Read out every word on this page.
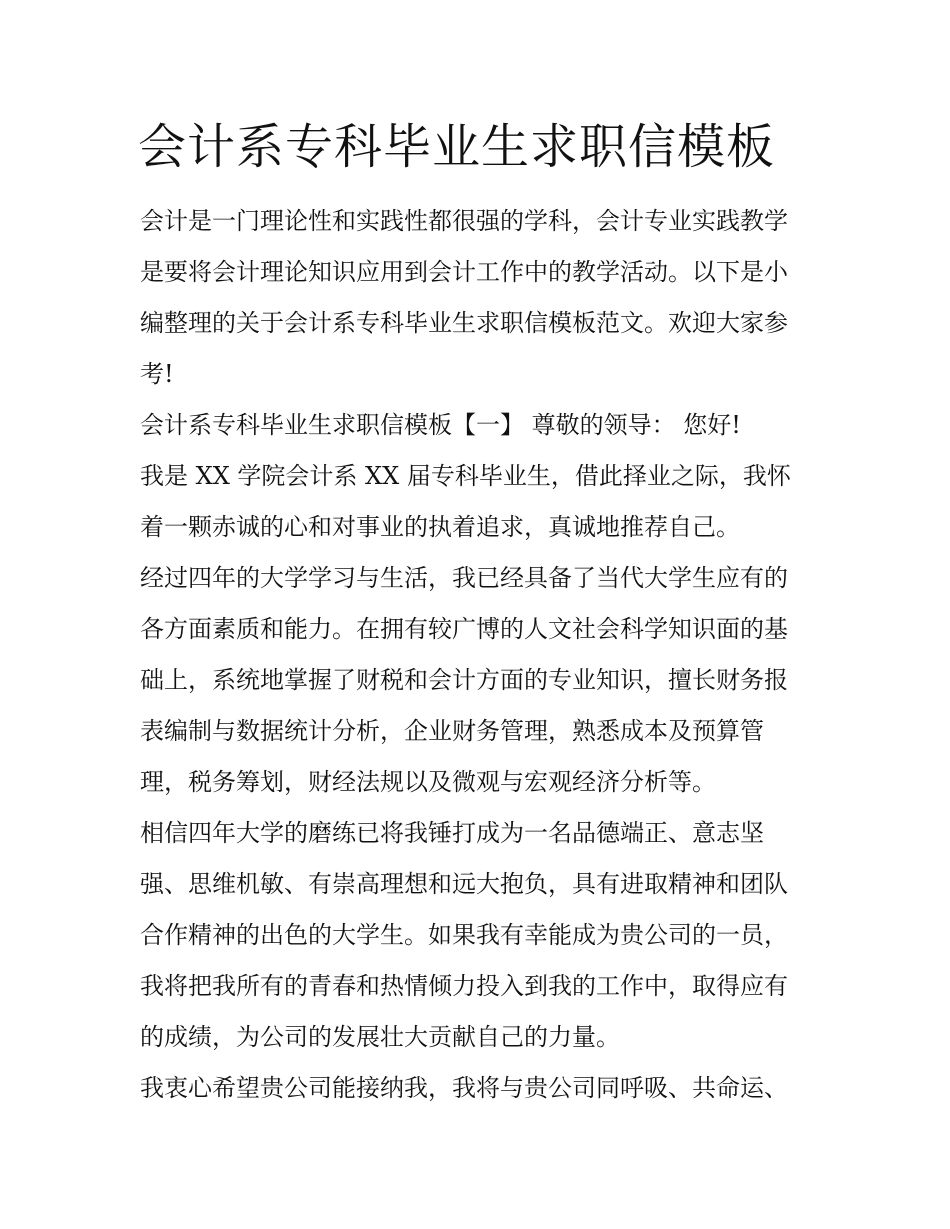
会计系专科毕业生求职信模板

会计是一门理论性和实践性都很强的学科，会计专业实践教学

是要将会计理论知识应用到会计工作中的教学活动。以下是小

编整理的关于会计系专科毕业生求职信模板范文。欢迎大家参

考!

会计系专科毕业生求职信模板【一】 尊敬的领导： 您好!

我是 XX 学院会计系 XX 届专科毕业生，借此择业之际，我怀

着一颗赤诚的心和对事业的执着追求，真诚地推荐自己。

经过四年的大学学习与生活，我已经具备了当代大学生应有的

各方面素质和能力。在拥有较广博的人文社会科学知识面的基

础上，系统地掌握了财税和会计方面的专业知识，擅长财务报

表编制与数据统计分析，企业财务管理，熟悉成本及预算管

理，税务筹划，财经法规以及微观与宏观经济分析等。

相信四年大学的磨练已将我锤打成为一名品德端正、意志坚

强、思维机敏、有崇高理想和远大抱负，具有进取精神和团队

合作精神的出色的大学生。如果我有幸能成为贵公司的一员，

我将把我所有的青春和热情倾力投入到我的工作中，取得应有

的成绩，为公司的发展壮大贡献自己的力量。

我衷心希望贵公司能接纳我，我将与贵公司同呼吸、共命运、
